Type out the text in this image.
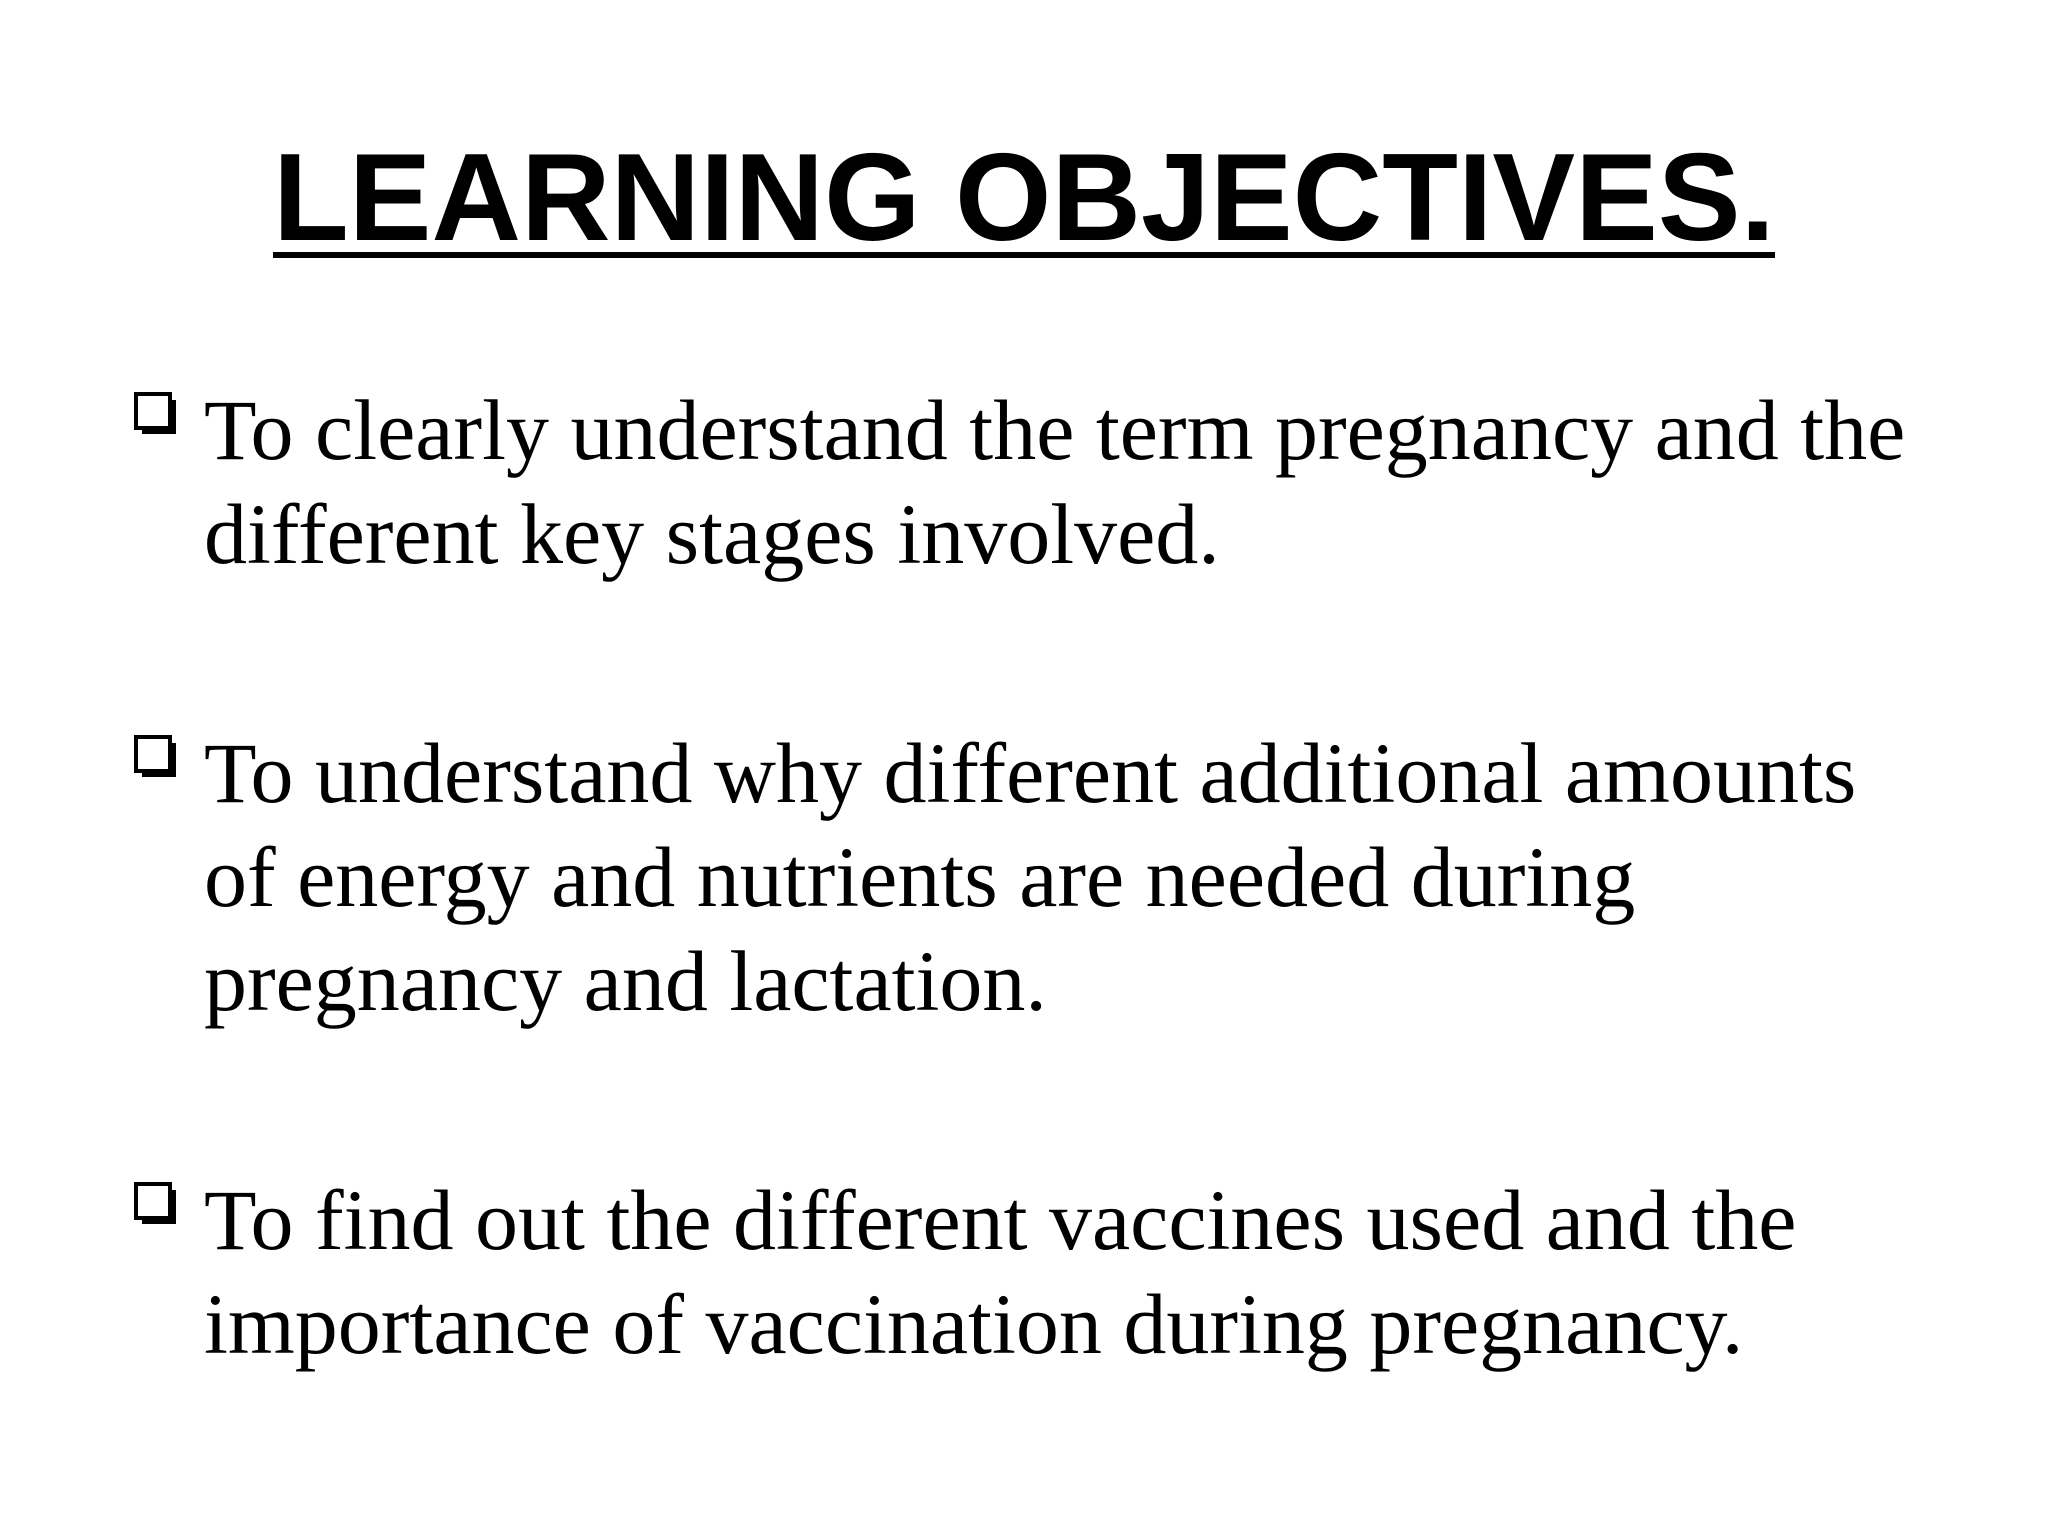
LEARNING OBJECTIVES.
To clearly understand the term pregnancy and the different key stages involved.
To understand why different additional amounts of energy and nutrients are needed during pregnancy and lactation.
To find out the different vaccines used and the importance of vaccination during pregnancy.
